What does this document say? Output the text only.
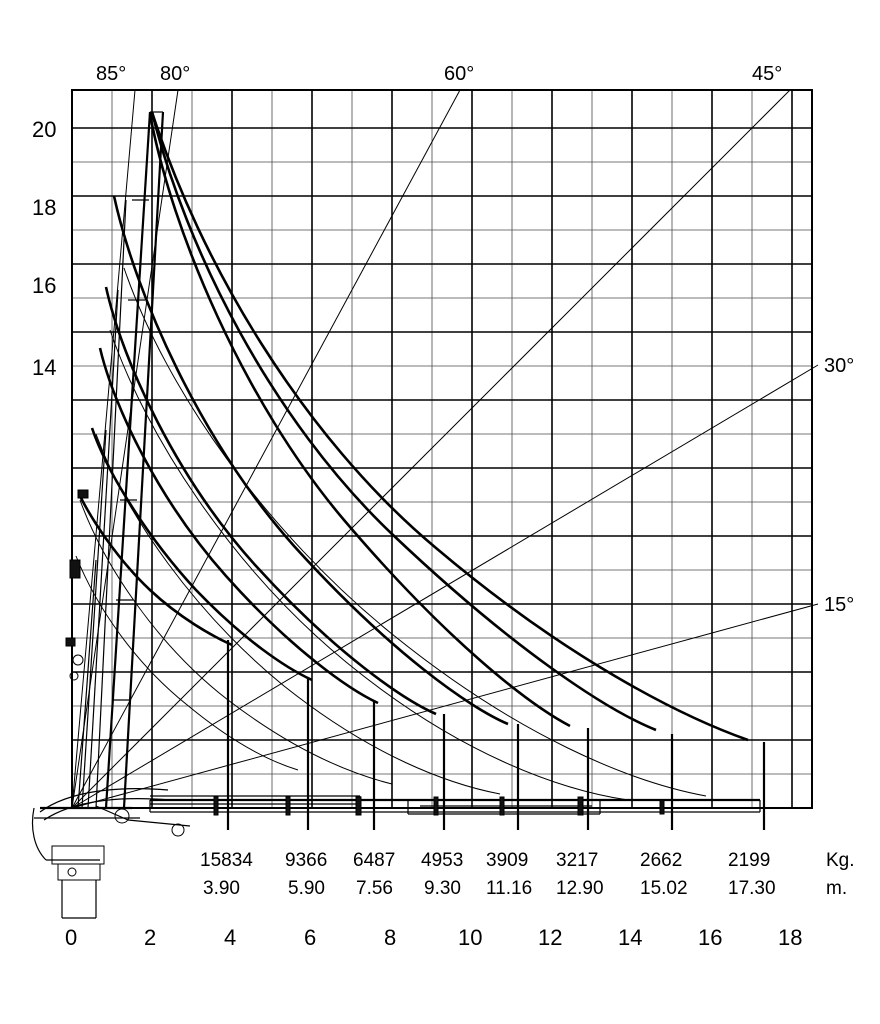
85° 80°	60°	45°
30°
15°
14
16
18
20
0	2	4	6	8	10	12	14	16	18
15834 9366 6487 4953 3909 3217 2662 2199
3.90	5.90 7.56 9.30 11.16 12.90 15.02 17.30
Kg.
m.
